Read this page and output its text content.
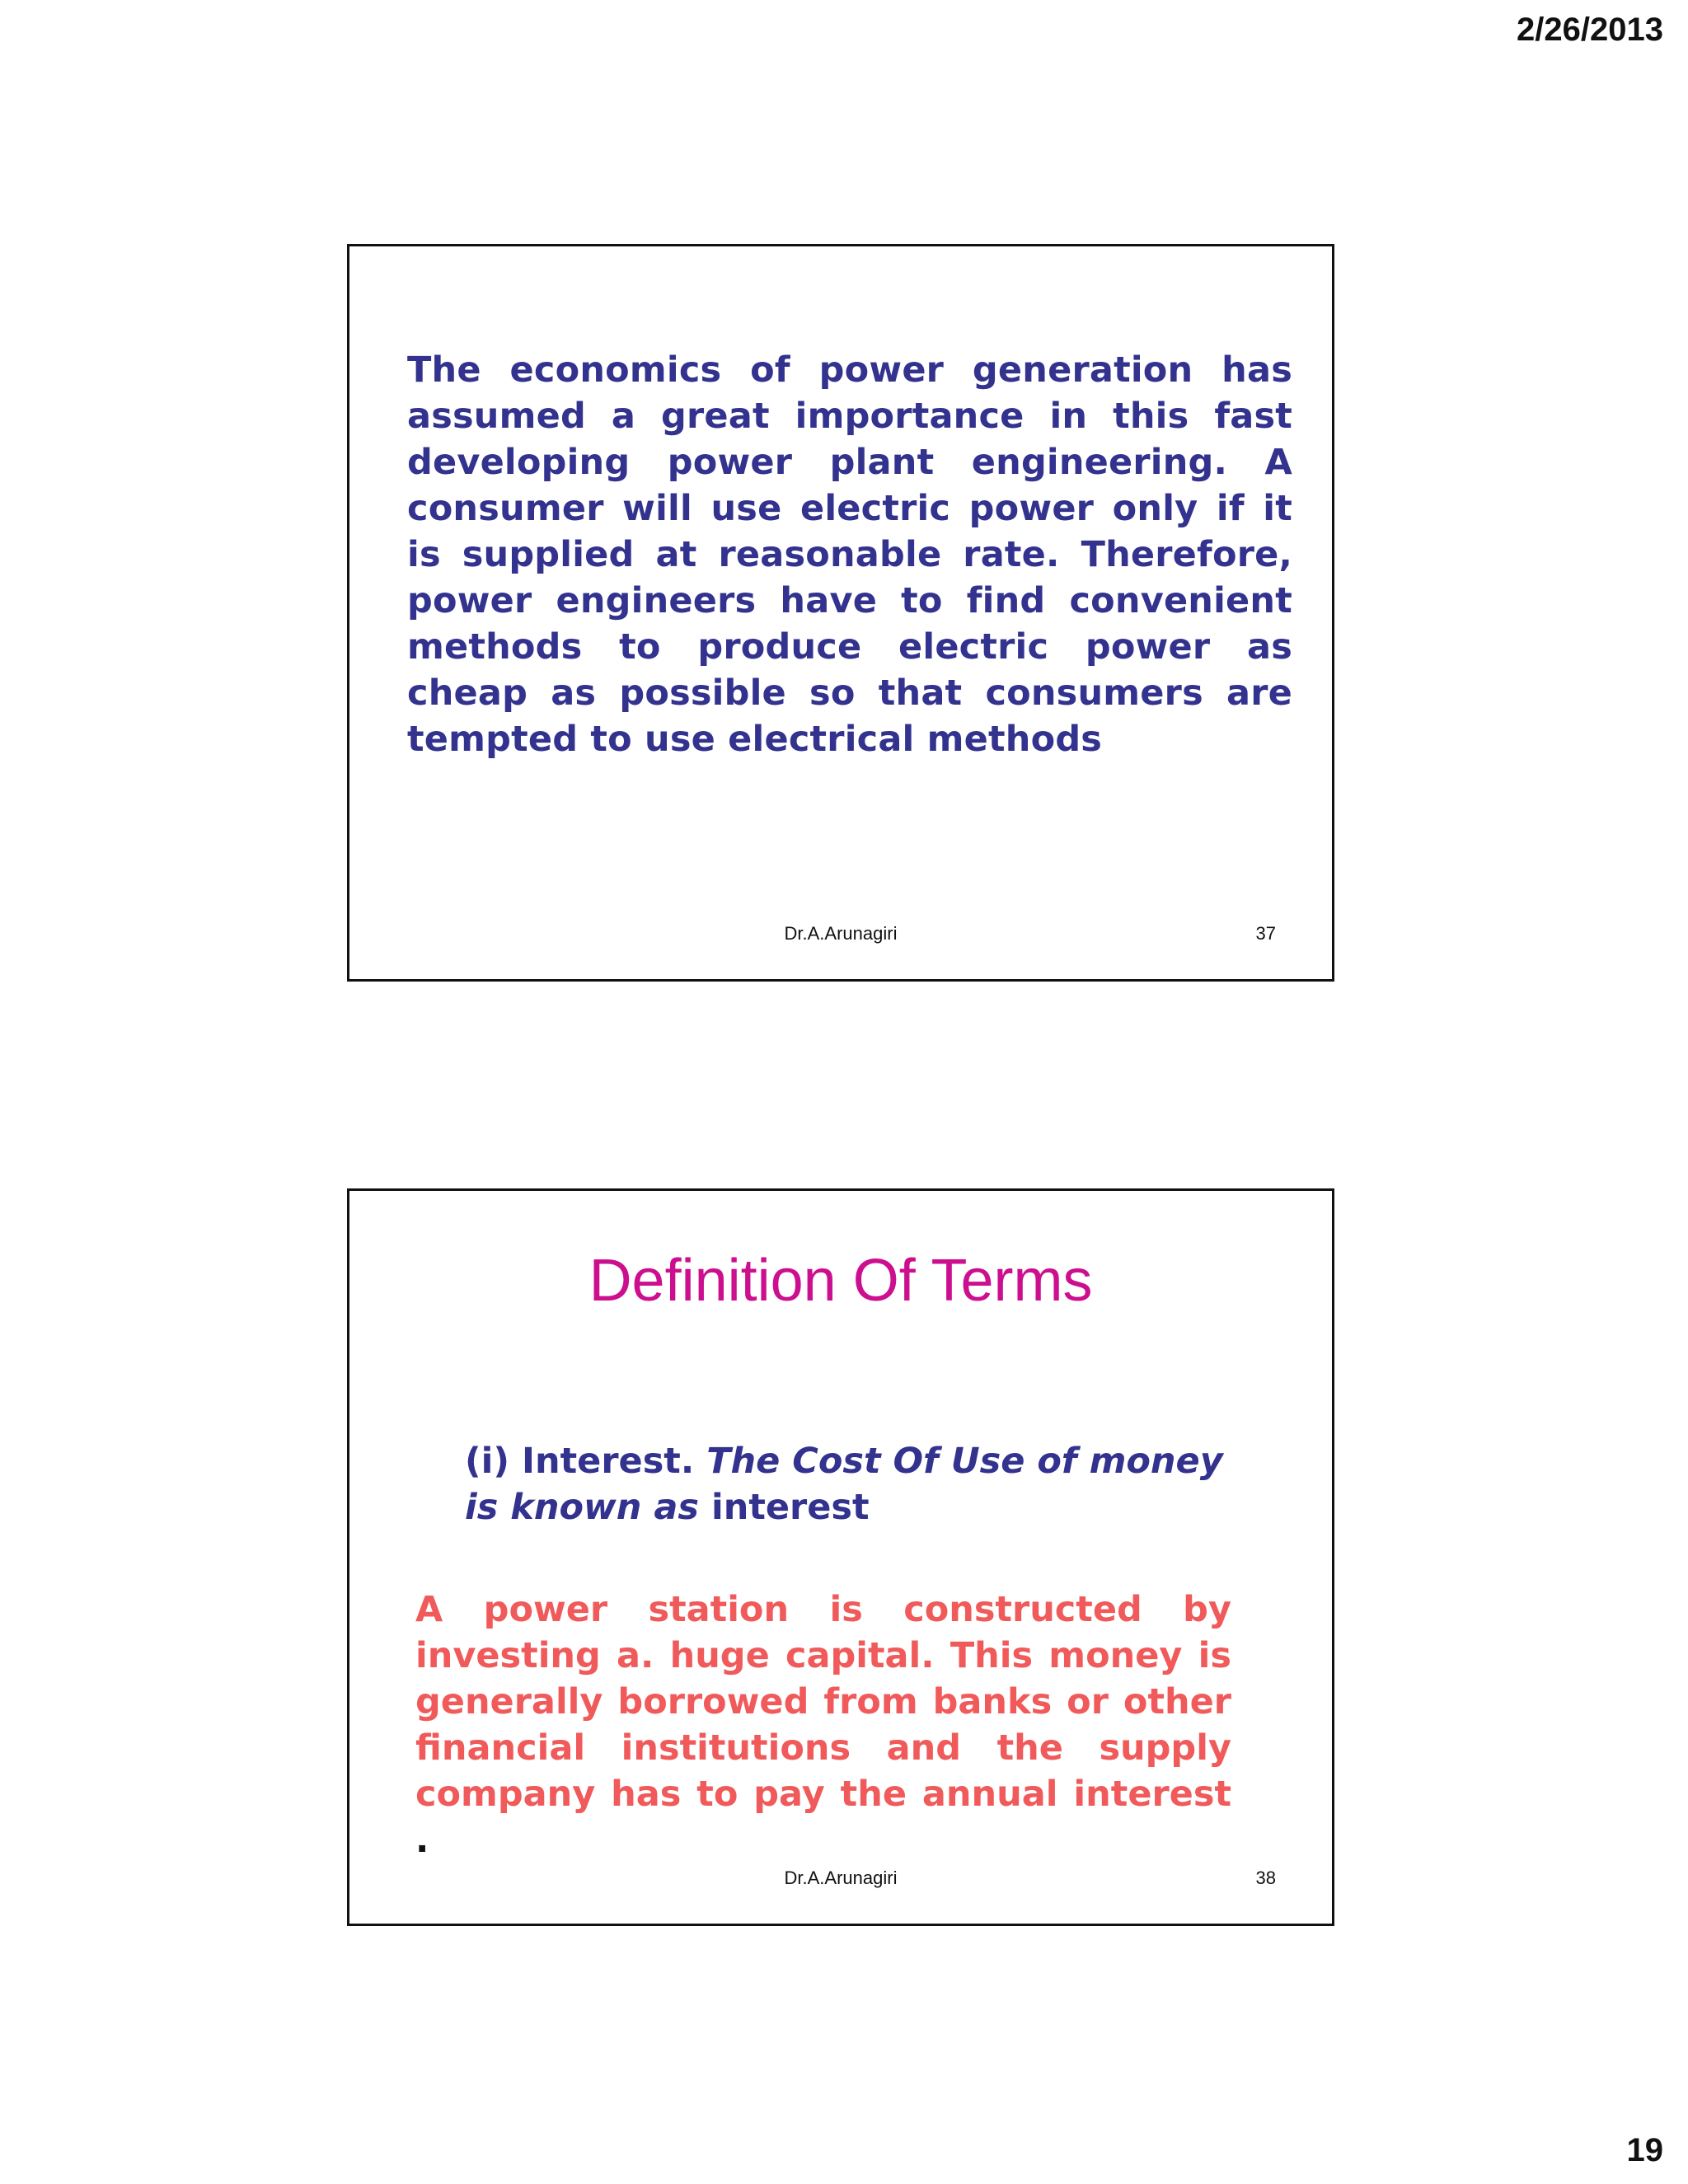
2/26/2013
The economics of power generation has assumed a great importance in this fast developing power plant engineering. A consumer will use electric power only if it is supplied at reasonable rate. Therefore, power engineers have to find convenient methods to produce electric power as cheap as possible so that consumers are tempted to use electrical methods
Dr.A.Arunagiri	37
Definition Of Terms
(i) Interest. The Cost Of Use of money is known as interest
A power station is constructed by investing a. huge capital. This money is generally borrowed from banks or other financial institutions and the supply company has to pay the annual interest .
Dr.A.Arunagiri	38
19
